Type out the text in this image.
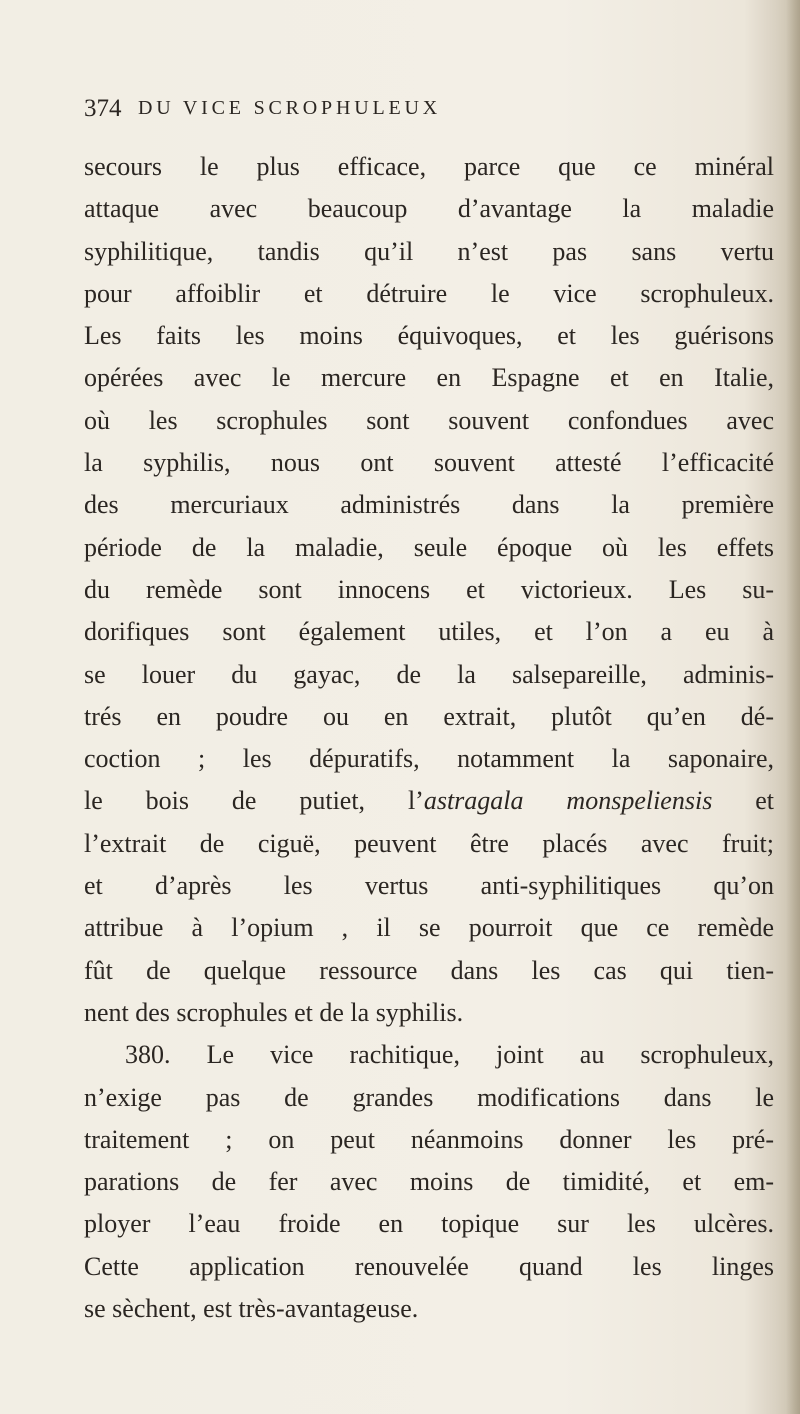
374 DU VICE SCROPHULEUX
secours le plus efficace, parce que ce minéral
attaque avec beaucoup d’avantage la maladie
syphilitique, tandis qu’il n’est pas sans vertu
pour affoiblir et détruire le vice scrophuleux.
Les faits les moins équivoques, et les guérisons
opérées avec le mercure en Espagne et en Italie,
où les scrophules sont souvent confondues avec
la syphilis, nous ont souvent attesté l’efficacité
des mercuriaux administrés dans la première
période de la maladie, seule époque où les effets
du remède sont innocens et victorieux. Les su-
dorifiques sont également utiles, et l’on a eu à
se louer du gayac, de la salsepareille, adminis-
trés en poudre ou en extrait, plutôt qu’en dé-
coction ; les dépuratifs, notamment la saponaire,
le bois de putiet, l’astragala monspeliensis et
l’extrait de ciguë, peuvent être placés avec fruit;
et d’après les vertus anti-syphilitiques qu’on
attribue à l’opium , il se pourroit que ce remède
fût de quelque ressource dans les cas qui tien-
nent des scrophules et de la syphilis.
380. Le vice rachitique, joint au scrophuleux,
n’exige pas de grandes modifications dans le
traitement ; on peut néanmoins donner les pré-
parations de fer avec moins de timidité, et em-
ployer l’eau froide en topique sur les ulcères.
Cette application renouvelée quand les linges
se sèchent, est très-avantageuse.
